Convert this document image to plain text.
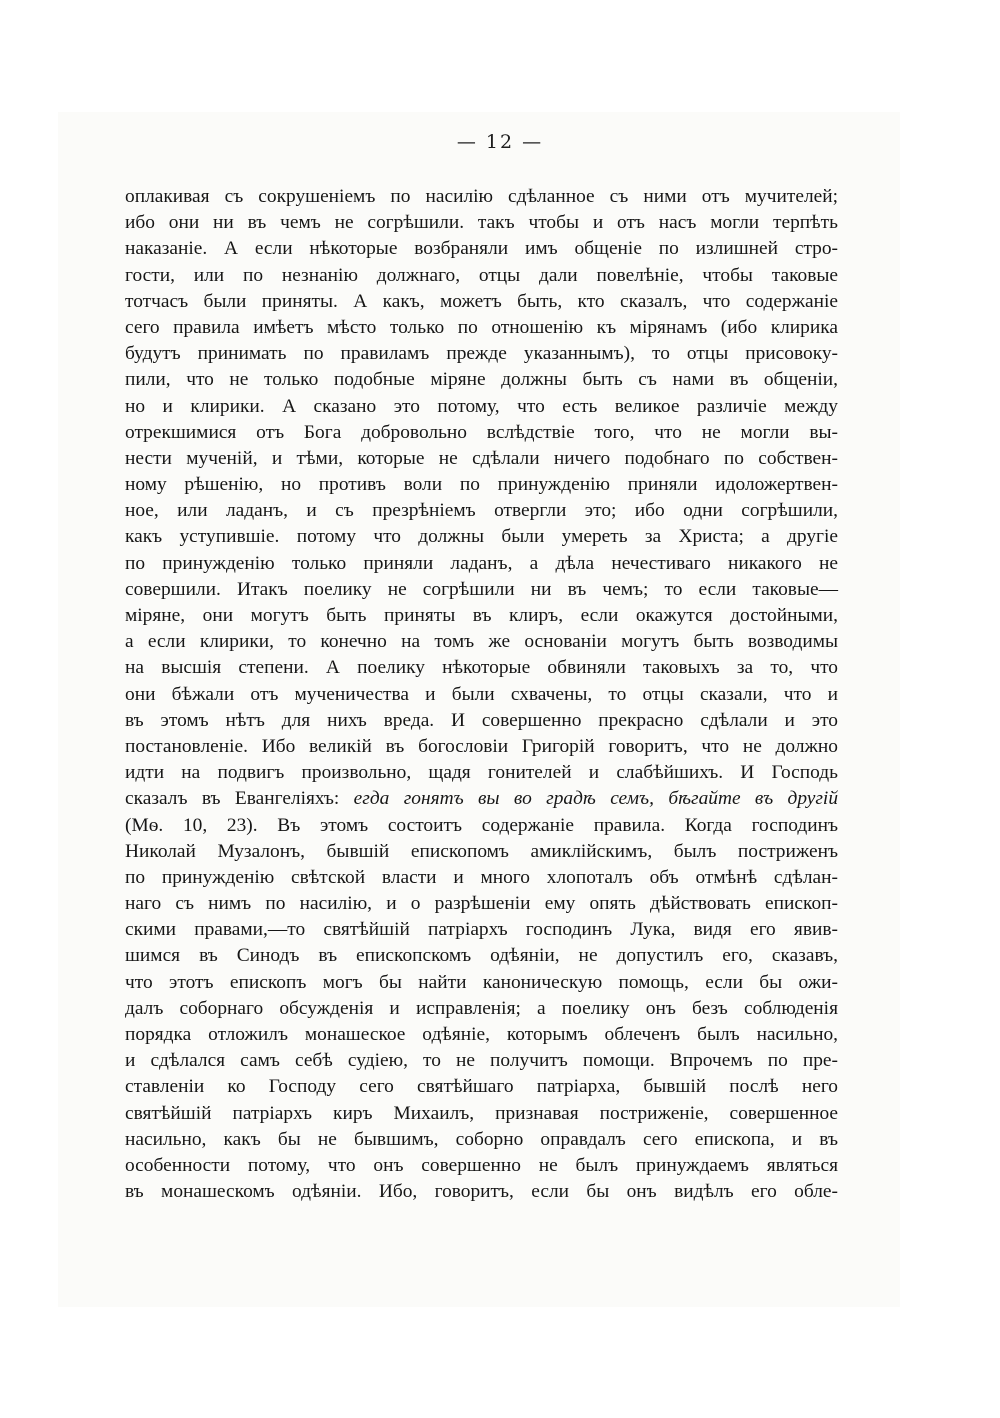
— 12 —
оплакивая съ сокрушеніемъ по насилію сдѣланное съ ними отъ мучителей;
ибо они ни въ чемъ не согрѣшили. такъ чтобы и отъ насъ могли терпѣть
наказаніе. А если нѣкоторые возбраняли имъ общеніе по излишней стро-
гости, или по незнанію должнаго, отцы дали повелѣніе, чтобы таковые
тотчасъ были приняты. А какъ, можетъ быть, кто сказалъ, что содержаніе
сего правила имѣетъ мѣсто только по отношенію къ мірянамъ (ибо клирика
будутъ принимать по правиламъ прежде указаннымъ), то отцы присовоку-
пили, что не только подобные міряне должны быть съ нами въ общеніи,
но и клирики. А сказано это потому, что есть великое различіе между
отрекшимися отъ Бога добровольно вслѣдствіе того, что не могли вы-
нести мученій, и тѣми, которые не сдѣлали ничего подобнаго по собствен-
ному рѣшенію, но противъ воли по принужденію приняли идоложертвен-
ное, или ладанъ, и съ презрѣніемъ отвергли это; ибо одни согрѣшили,
какъ уступившіе. потому что должны были умереть за Христа; а другіе
по принужденію только приняли ладанъ, а дѣла нечестиваго никакого не
совершили. Итакъ поелику не согрѣшили ни въ чемъ; то если таковые—
міряне, они могутъ быть приняты въ клиръ, если окажутся достойными,
а если клирики, то конечно на томъ же основаніи могутъ быть возводимы
на высшія степени. А поелику нѣкоторые обвиняли таковыхъ за то, что
они бѣжали отъ мученичества и были схвачены, то отцы сказали, что и
въ этомъ нѣтъ для нихъ вреда. И совершенно прекрасно сдѣлали и это
постановленіе. Ибо великій въ богословіи Григорій говоритъ, что не должно
идти на подвигъ произвольно, щадя гонителей и слабѣйшихъ. И Господь
сказалъ въ Евангеліяхъ: егда гонятъ вы во градѣ семъ, бѣгайте въ другій
(Мѳ. 10, 23). Въ этомъ состоитъ содержаніе правила. Когда господинъ
Николай Музалонъ, бывшій епископомъ амиклійскимъ, былъ постриженъ
по принужденію свѣтской власти и много хлопоталъ объ отмѣнѣ сдѣлан-
наго съ нимъ по насилію, и о разрѣшеніи ему опять дѣйствовать епископ-
скими правами,—то святѣйшій патріархъ господинъ Лука, видя его явив-
шимся въ Синодъ въ епископскомъ одѣяніи, не допустилъ его, сказавъ,
что этотъ епископъ могъ бы найти каноническую помощь, если бы ожи-
далъ соборнаго обсужденія и исправленія; а поелику онъ безъ соблюденія
порядка отложилъ монашеское одѣяніе, которымъ облеченъ былъ насильно,
и сдѣлался самъ себѣ судіею, то не получитъ помощи. Впрочемъ по пре-
ставленіи ко Господу сего святѣйшаго патріарха, бывшій послѣ него
святѣйшій патріархъ киръ Михаилъ, признавая постриженіе, совершенное
насильно, какъ бы не бывшимъ, соборно оправдалъ сего епископа, и въ
особенности потому, что онъ совершенно не былъ принуждаемъ являться
въ монашескомъ одѣяніи. Ибо, говоритъ, если бы онъ видѣлъ его обле-
